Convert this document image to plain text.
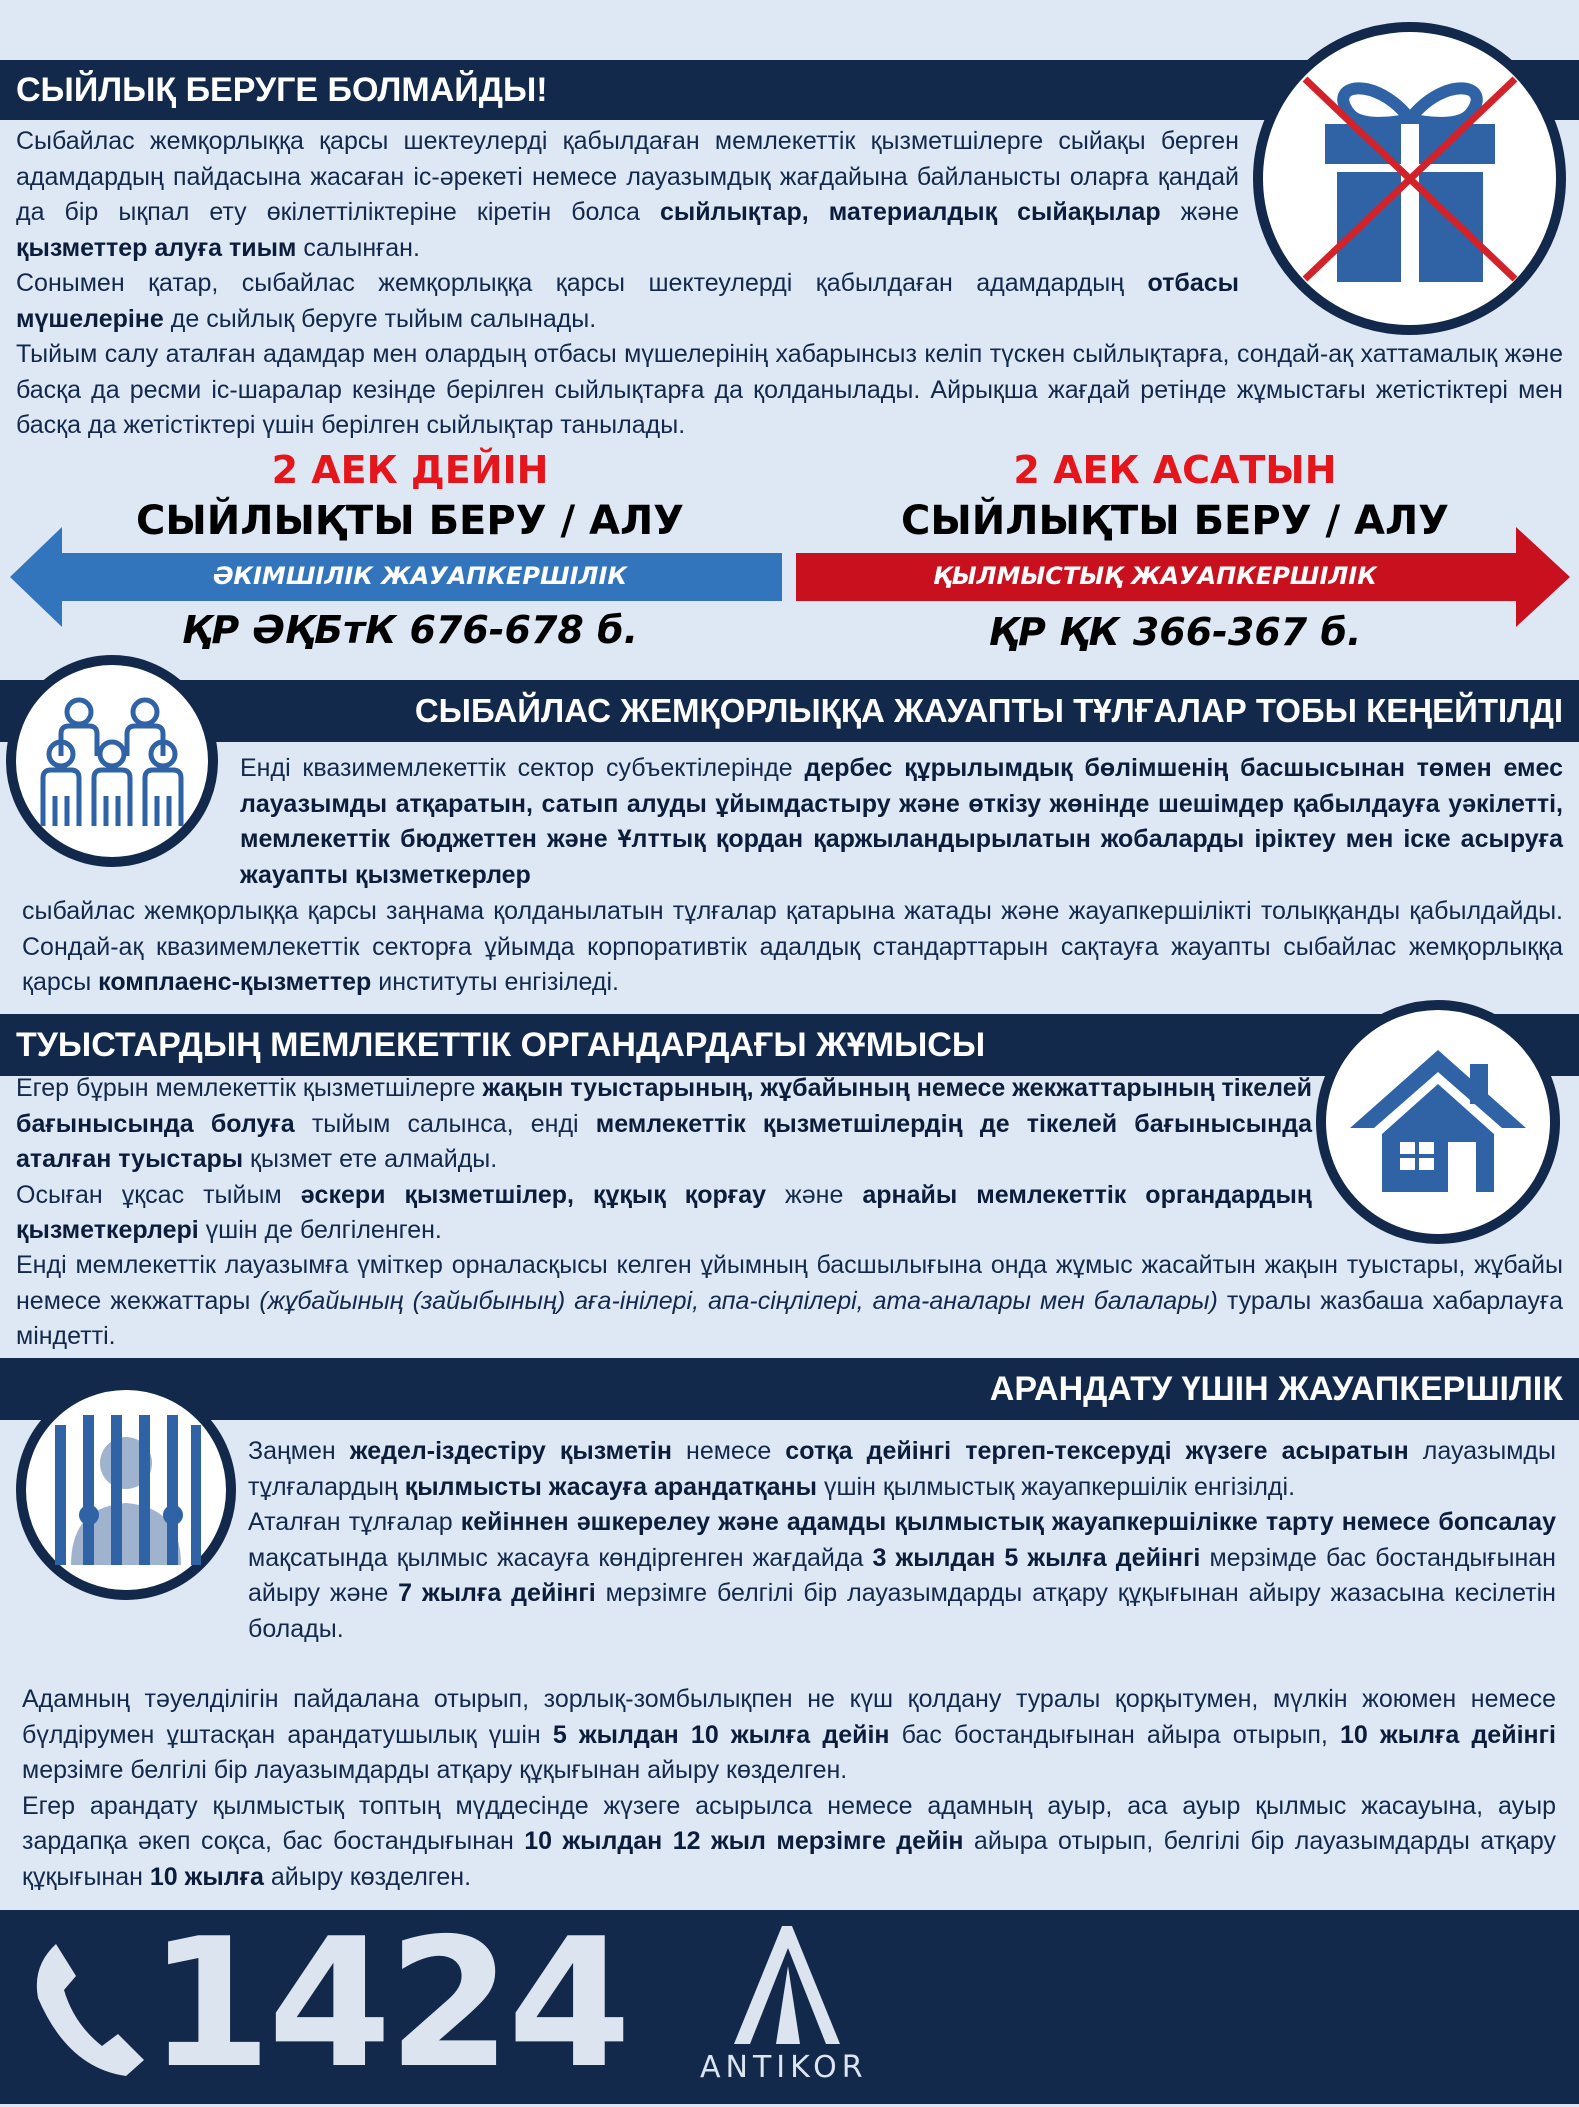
СЫЙЛЫҚ БЕРУГЕ БОЛМАЙДЫ!

Сыбайлас жемқорлыққа қарсы шектеулерді қабылдаған мемлекеттік қызметшілерге сыйақы берген адамдардың пайдасына жасаған іс-әрекеті немесе лауазымдық жағдайына байланысты оларға қандай да бір ықпал ету өкілеттіліктеріне кіретін болса сыйлықтар, материалдық сыйақылар және қызметтер алуға тиым салынған.

Сонымен қатар, сыбайлас жемқорлыққа қарсы шектеулерді қабылдаған адамдардың отбасы мүшелеріне де сыйлық беруге тыйым салынады.

Тыйым салу аталған адамдар мен олардың отбасы мүшелерінің хабарынсыз келіп түскен сыйлықтарға, сондай-ақ хаттамалық және басқа да ресми іс-шаралар кезінде берілген сыйлықтарға да қолданылады. Айрықша жағдай ретінде жұмыстағы жетістіктері мен басқа да жетістіктері үшін берілген сыйлықтар танылады.

2 АЕК ДЕЙІН
СЫЙЛЫҚТЫ БЕРУ / АЛУ
2 АЕК АСАТЫН
СЫЙЛЫҚТЫ БЕРУ / АЛУ
ӘКІМШІЛІК ЖАУАПКЕРШІЛІК	ҚЫЛМЫСТЫҚ ЖАУАПКЕРШІЛІК
ҚР ӘҚБтК 676-678 б.	ҚР ҚК 366-367 б.
СЫБАЙЛАС ЖЕМҚОРЛЫҚҚА ЖАУАПТЫ ТҰЛҒАЛАР ТОБЫ КЕҢЕЙТІЛДІ

Енді квазимемлекеттік сектор субъектілерінде дербес құрылымдық бөлімшенің басшысынан төмен емес лауазымды атқаратын, сатып алуды ұйымдастыру және өткізу жөнінде шешімдер қабылдауға уәкілетті, мемлекеттік бюджеттен және Ұлттық қордан қаржыландырылатын жобаларды іріктеу мен іске асыруға жауапты қызметкерлер

сыбайлас жемқорлыққа қарсы заңнама қолданылатын тұлғалар қатарына жатады және жауапкершілікті толыққанды қабылдайды. Сондай-ақ квазимемлекеттік секторға ұйымда корпоративтік адалдық стандарттарын сақтауға жауапты сыбайлас жемқорлыққа қарсы комплаенс-қызметтер институты енгізіледі.

ТУЫСТАРДЫҢ МЕМЛЕКЕТТІК ОРГАНДАРДАҒЫ ЖҰМЫСЫ

Егер бұрын мемлекеттік қызметшілерге жақын туыстарының, жұбайының немесе жекжаттарының тікелей бағынысында болуға тыйым салынса, енді мемлекеттік қызметшілердің де тікелей бағынысында аталған туыстары қызмет ете алмайды.

Осыған ұқсас тыйым әскери қызметшілер, құқық қорғау және арнайы мемлекеттік органдардың қызметкерлері үшін де белгіленген.

Енді мемлекеттік лауазымға үміткер орналасқысы келген ұйымның басшылығына онда жұмыс жасайтын жақын туыстары, жұбайы немесе жекжаттары (жұбайының (зайыбының) аға-інілері, апа-сіңлілері, ата-аналары мен балалары) туралы жазбаша хабарлауға міндетті.

АРАНДАТУ ҮШІН ЖАУАПКЕРШІЛІК

Заңмен жедел-іздестіру қызметін немесе сотқа дейінгі тергеп-тексеруді жүзеге асыратын лауазымды тұлғалардың қылмысты жасауға арандатқаны үшін қылмыстық жауапкершілік енгізілді.

Аталған тұлғалар кейіннен әшкерелеу және адамды қылмыстық жауапкершілікке тарту немесе бопсалау мақсатында қылмыс жасауға көндіргенген жағдайда 3 жылдан 5 жылға дейінгі мерзімде бас бостандығынан айыру және 7 жылға дейінгі мерзімге белгілі бір лауазымдарды атқару құқығынан айыру жазасына кесілетін болады.

Адамның тәуелділігін пайдалана отырып, зорлық-зомбылықпен не күш қолдану туралы қорқытумен, мүлкін жоюмен немесе бүлдірумен ұштасқан арандатушылық үшін 5 жылдан 10 жылға дейін бас бостандығынан айыра отырып, 10 жылға дейінгі мерзімге белгілі бір лауазымдарды атқару құқығынан айыру көзделген.

Егер арандату қылмыстық топтың мүддесінде жүзеге асырылса немесе адамның ауыр, аса ауыр қылмыс жасауына, ауыр зардапқа әкеп соқса, бас бостандығынан 10 жылдан 12 жыл мерзімге дейін айыра отырып, белгілі бір лауазымдарды атқару құқығынан 10 жылға айыру көзделген.

1424 ANTIKOR
